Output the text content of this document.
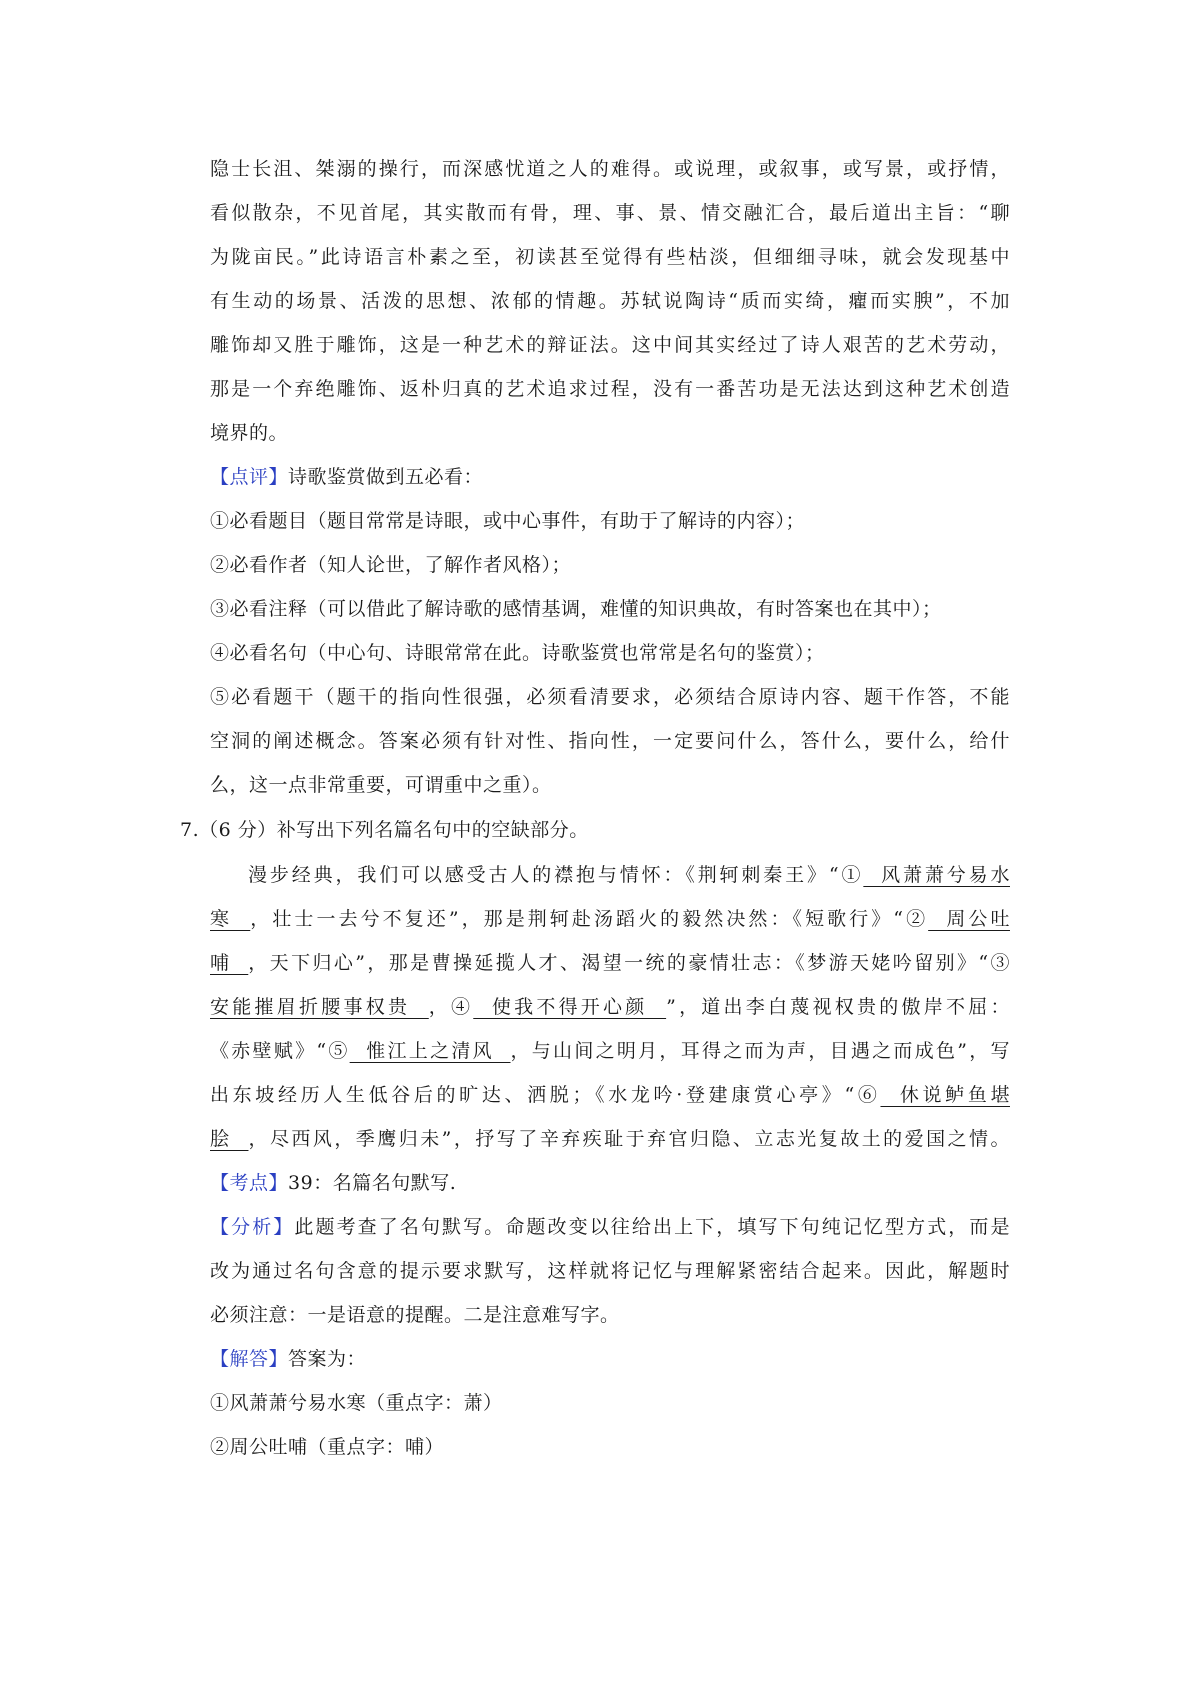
隐士长沮、桀溺的操行，而深感忧道之人的难得。或说理，或叙事，或写景，或抒情，
看似散杂，不见首尾，其实散而有骨，理、事、景、情交融汇合，最后道出主旨：“聊
为陇亩民。”此诗语言朴素之至，初读甚至觉得有些枯淡，但细细寻味，就会发现基中
有生动的场景、活泼的思想、浓郁的情趣。苏轼说陶诗“质而实绮，癯而实腴”，不加
雕饰却又胜于雕饰，这是一种艺术的辩证法。这中间其实经过了诗人艰苦的艺术劳动，
那是一个弃绝雕饰、返朴归真的艺术追求过程，没有一番苦功是无法达到这种艺术创造
境界的。
【点评】诗歌鉴赏做到五必看：
①必看题目（题目常常是诗眼，或中心事件，有助于了解诗的内容）；
②必看作者（知人论世，了解作者风格）；
③必看注释（可以借此了解诗歌的感情基调，难懂的知识典故，有时答案也在其中）；
④必看名句（中心句、诗眼常常在此。诗歌鉴赏也常常是名句的鉴赏）；
⑤必看题干（题干的指向性很强，必须看清要求，必须结合原诗内容、题干作答，不能
空洞的阐述概念。答案必须有针对性、指向性，一定要问什么，答什么，要什么，给什
么，这一点非常重要，可谓重中之重）。
7.（6 分）补写出下列名篇名句中的空缺部分。
漫步经典，我们可以感受古人的襟抱与情怀：《荆轲刺秦王》“①  风萧萧兮易水
寒  ，壮士一去兮不复还”，那是荆轲赴汤蹈火的毅然决然：《短歌行》“②  周公吐
哺  ，天下归心”，那是曹操延揽人才、渴望一统的豪情壮志：《梦游天姥吟留别》“③
安能摧眉折腰事权贵  ，④  使我不得开心颜  ”，道出李白蔑视权贵的傲岸不屈：
《赤壁赋》“⑤  惟江上之清风  ，与山间之明月，耳得之而为声，目遇之而成色”，写
出东坡经历人生低谷后的旷达、洒脱；《水龙吟·登建康赏心亭》“⑥  休说鲈鱼堪
脍  ，尽西风，季鹰归未”，抒写了辛弃疾耻于弃官归隐、立志光复故土的爱国之情。
【考点】39：名篇名句默写.
【分析】此题考查了名句默写。命题改变以往给出上下，填写下句纯记忆型方式，而是
改为通过名句含意的提示要求默写，这样就将记忆与理解紧密结合起来。因此，解题时
必须注意：一是语意的提醒。二是注意难写字。
【解答】答案为：
①风萧萧兮易水寒（重点字：萧）
②周公吐哺（重点字：哺）
